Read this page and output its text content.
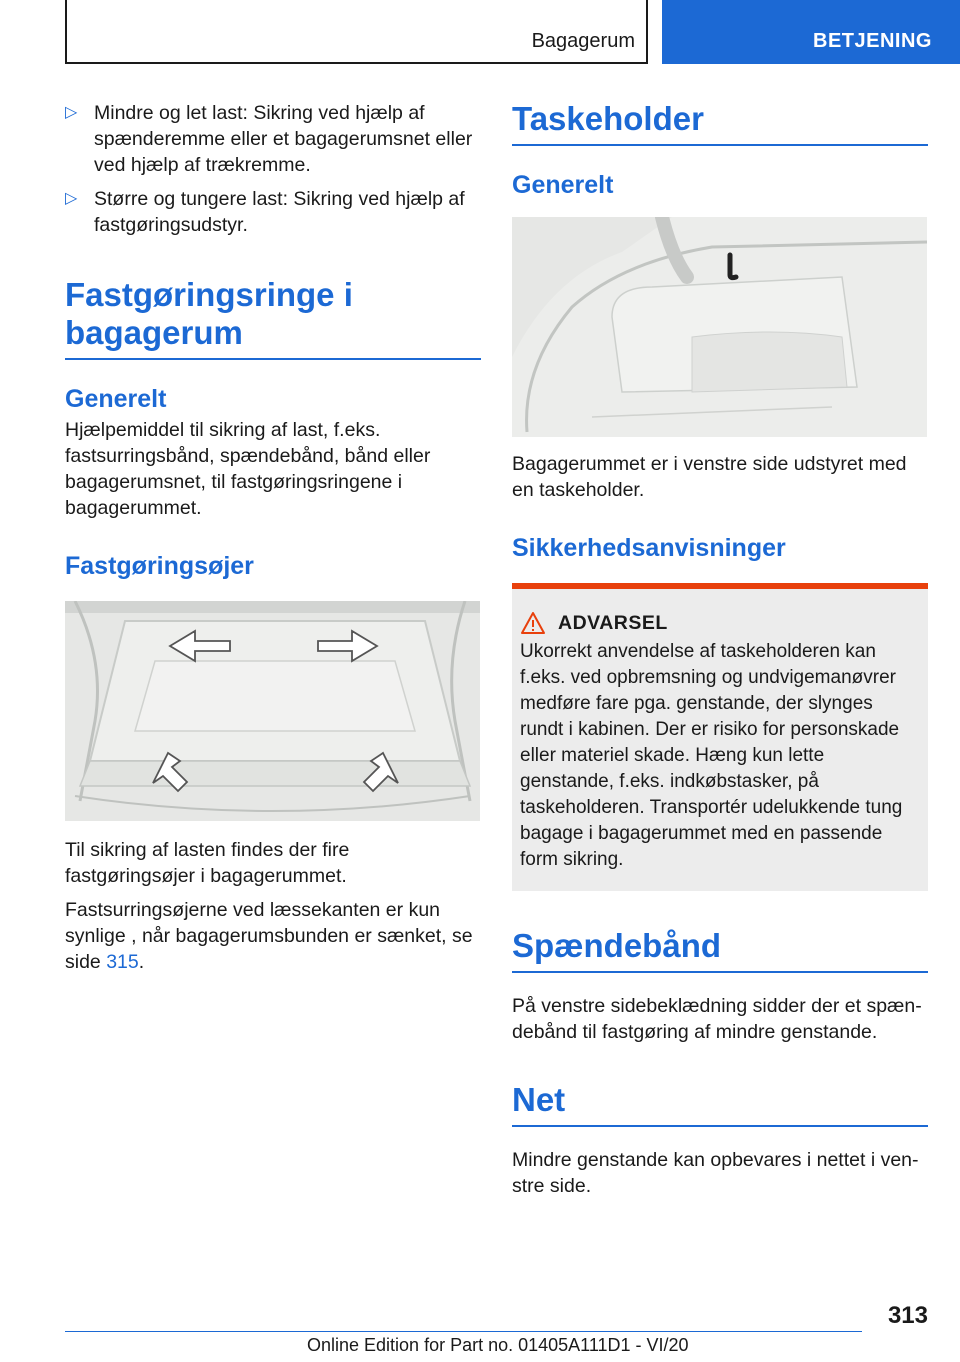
Bagagerum	BETJENING
▷ Mindre og let last: Sikring ved hjælp af spænderemme eller et bagagerumsnet eller ved hjælp af trækremme.

▷ Større og tungere last: Sikring ved hjælp af fastgøringsudstyr.

Fastgøringsringe i bagagerum
Generelt

Hjælpemiddel til sikring af last, f.eks. fastsurringsbånd, spændebånd, bånd eller bagagerumsnet, til fastgøringsringene i bagagerummet.

Fastgøringsøjer

Til sikring af lasten findes der fire fastgøringsøjer i bagagerummet.

Fastsurringsøjerne ved læssekanten er kun synlige , når bagagerumsbunden er sænket, se side 315.

Taskeholder
Generelt

Bagagerummet er i venstre side udstyret med en taskeholder.

Sikkerhedsanvisninger
ADVARSEL

Ukorrekt anvendelse af taskeholderen kan f.eks. ved opbremsning og undvigemanøvrer medføre fare pga. genstande, der slynges rundt i kabinen. Der er risiko for personskade eller materiel skade. Hæng kun lette genstande, f.eks. indkøbstasker, på taskeholderen. Transportér udelukkende tung bagage i bagagerummet med en passende form sikring.

Spændebånd

På venstre sidebeklædning sidder der et spændebånd til fastgøring af mindre genstande.

Net

Mindre genstande kan opbevares i nettet i venstre side.

313
Online Edition for Part no. 01405A111D1 - VI/20
